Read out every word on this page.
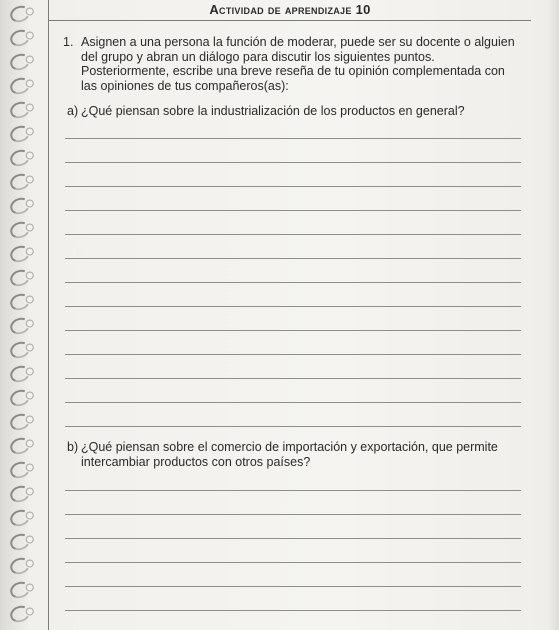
Actividad de aprendizaje 10
1. Asignen a una persona la función de moderar, puede ser su docente o alguien del grupo y abran un diálogo para discutir los siguientes puntos. Posteriormente, escribe una breve reseña de tu opinión complementada con las opiniones de tus compañeros(as):
a) ¿Qué piensan sobre la industrialización de los productos en general?
b) ¿Qué piensan sobre el comercio de importación y exportación, que permite intercambiar productos con otros países?
